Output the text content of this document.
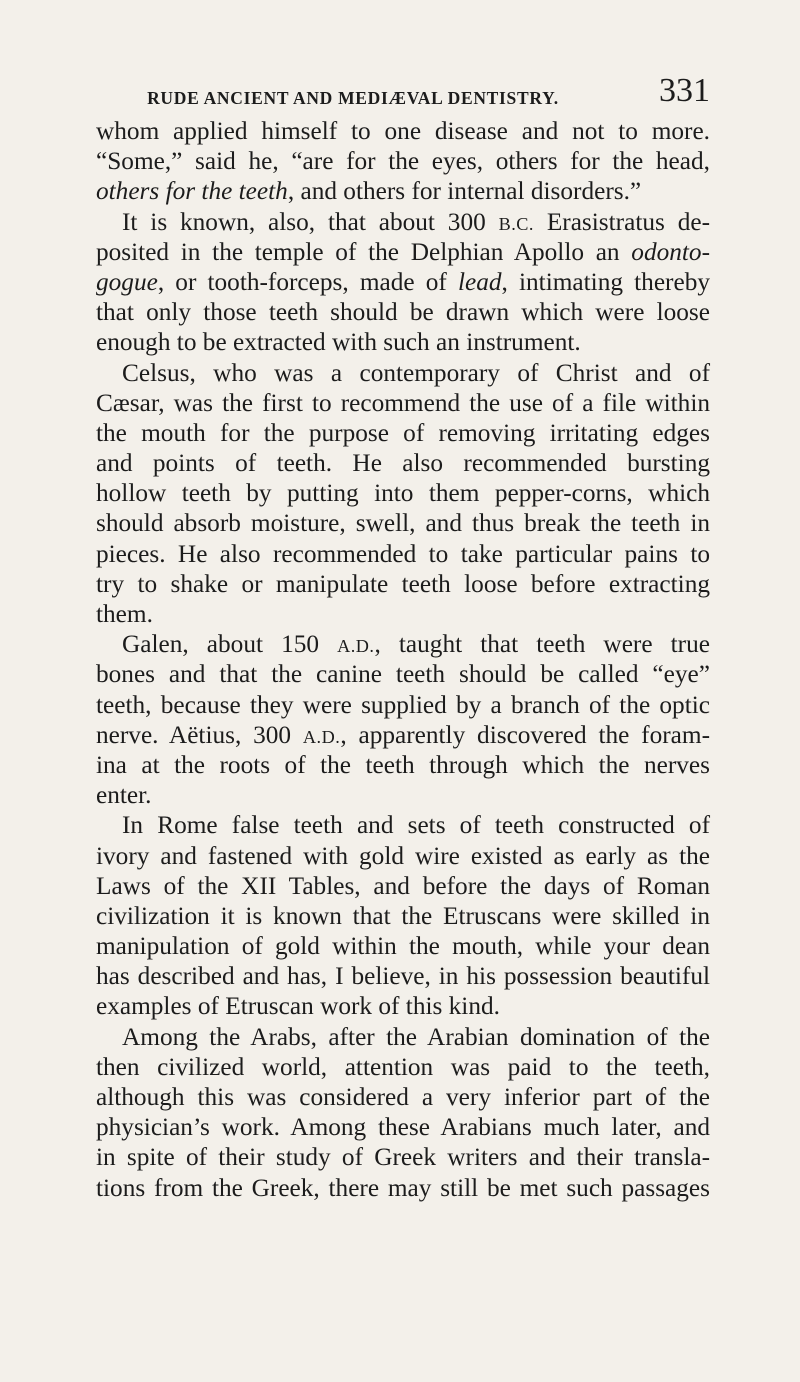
RUDE ANCIENT AND MEDIÆVAL DENTISTRY.	331
whom applied himself to one disease and not to more.
“Some,” said he, “are for the eyes, others for the head,
others for the teeth, and others for internal disorders.”
It is known, also, that about 300 B.C. Erasistratus de-
posited in the temple of the Delphian Apollo an odonto-
gogue, or tooth-forceps, made of lead, intimating thereby
that only those teeth should be drawn which were loose
enough to be extracted with such an instrument.
Celsus, who was a contemporary of Christ and of
Cæsar, was the first to recommend the use of a file within
the mouth for the purpose of removing irritating edges
and points of teeth. He also recommended bursting
hollow teeth by putting into them pepper-corns, which
should absorb moisture, swell, and thus break the teeth in
pieces. He also recommended to take particular pains to
try to shake or manipulate teeth loose before extracting
them.
Galen, about 150 A.D., taught that teeth were true
bones and that the canine teeth should be called “eye”
teeth, because they were supplied by a branch of the optic
nerve. Aëtius, 300 A.D., apparently discovered the foram-
ina at the roots of the teeth through which the nerves
enter.
In Rome false teeth and sets of teeth constructed of
ivory and fastened with gold wire existed as early as the
Laws of the XII Tables, and before the days of Roman
civilization it is known that the Etruscans were skilled in
manipulation of gold within the mouth, while your dean
has described and has, I believe, in his possession beautiful
examples of Etruscan work of this kind.
Among the Arabs, after the Arabian domination of the
then civilized world, attention was paid to the teeth,
although this was considered a very inferior part of the
physician’s work. Among these Arabians much later, and
in spite of their study of Greek writers and their transla-
tions from the Greek, there may still be met such passages
